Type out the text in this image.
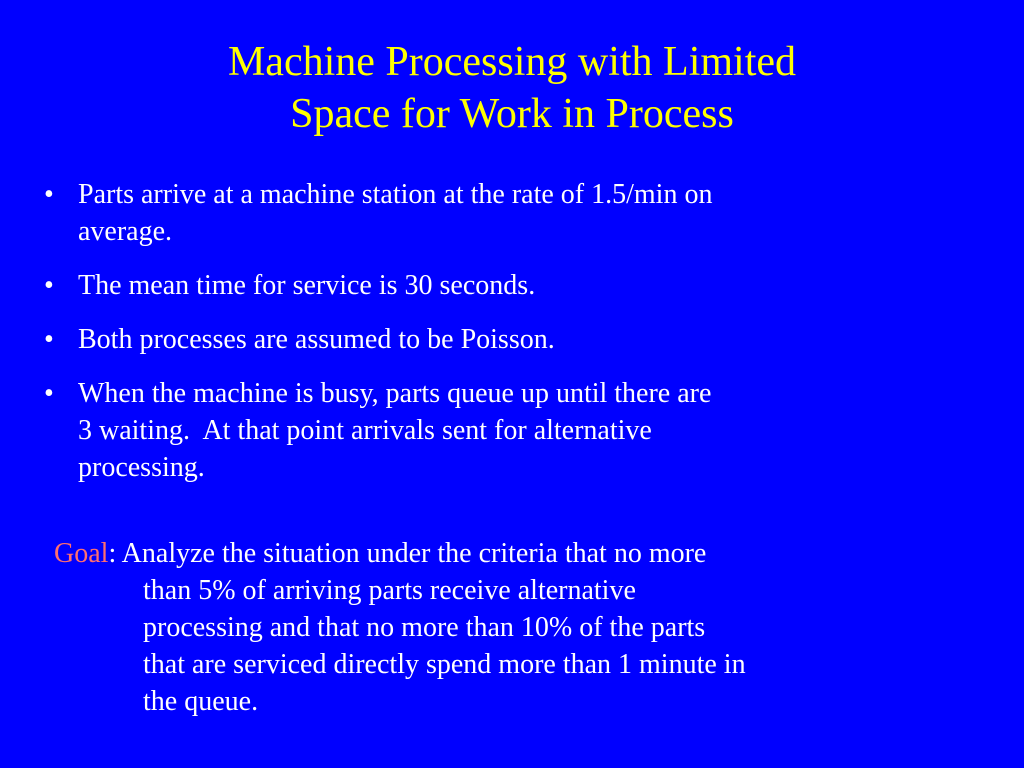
Machine Processing with Limited
Space for Work in Process
• Parts arrive at a machine station at the rate of 1.5/min on
average.
• The mean time for service is 30 seconds.
• Both processes are assumed to be Poisson.
• When the machine is busy, parts queue up until there are
3 waiting.  At that point arrivals sent for alternative
processing.
Goal: Analyze the situation under the criteria that no more
than 5% of arriving parts receive alternative
processing and that no more than 10% of the parts
that are serviced directly spend more than 1 minute in
the queue.
